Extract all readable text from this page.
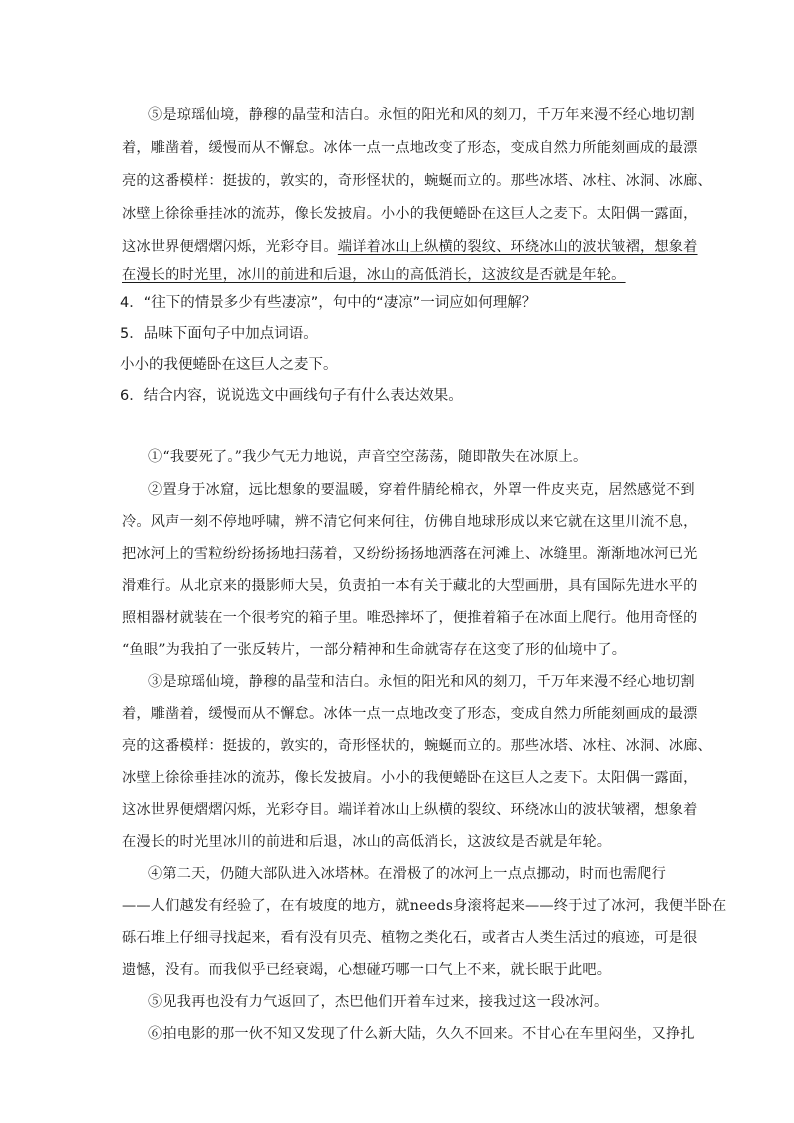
⑤是琼瑶仙境，静穆的晶莹和洁白。永恒的阳光和风的刻刀，千万年来漫不经心地切割
着，雕凿着，缓慢而从不懈怠。冰体一点一点地改变了形态，变成自然力所能刻画成的最漂
亮的这番模样：挺拔的，敦实的，奇形怪状的，蜿蜒而立的。那些冰塔、冰柱、冰洞、冰廊、
冰壁上徐徐垂挂冰的流苏，像长发披肩。小小的我便蜷卧在这巨人之麦下。太阳偶一露面，
这冰世界便熠熠闪烁，光彩夺目。端详着冰山上纵横的裂纹、环绕冰山的波状皱褶，想象着
在漫长的时光里，冰川的前进和后退，冰山的高低消长，这波纹是否就是年轮。
4．“往下的情景多少有些凄凉”，句中的“凄凉”一词应如何理解？
5．品味下面句子中加点词语。
小小的我便蜷卧在这巨人之麦下。
6．结合内容，说说选文中画线句子有什么表达效果。
①“我要死了。”我少气无力地说，声音空空荡荡，随即散失在冰原上。
②置身于冰窟，远比想象的要温暖，穿着件腈纶棉衣，外罩一件皮夹克，居然感觉不到
冷。风声一刻不停地呼啸，辨不清它何来何往，仿佛自地球形成以来它就在这里川流不息，
把冰河上的雪粒纷纷扬扬地扫荡着，又纷纷扬扬地洒落在河滩上、冰缝里。渐渐地冰河已光
滑难行。从北京来的摄影师大吴，负责拍一本有关于藏北的大型画册，具有国际先进水平的
照相器材就装在一个很考究的箱子里。唯恐摔坏了，便推着箱子在冰面上爬行。他用奇怪的
“鱼眼”为我拍了一张反转片，一部分精神和生命就寄存在这变了形的仙境中了。
③是琼瑶仙境，静穆的晶莹和洁白。永恒的阳光和风的刻刀，千万年来漫不经心地切割
着，雕凿着，缓慢而从不懈怠。冰体一点一点地改变了形态，变成自然力所能刻画成的最漂
亮的这番模样：挺拔的，敦实的，奇形怪状的，蜿蜒而立的。那些冰塔、冰柱、冰洞、冰廊、
冰壁上徐徐垂挂冰的流苏，像长发披肩。小小的我便蜷卧在这巨人之麦下。太阳偶一露面，
这冰世界便熠熠闪烁，光彩夺目。端详着冰山上纵横的裂纹、环绕冰山的波状皱褶，想象着
在漫长的时光里冰川的前进和后退，冰山的高低消长，这波纹是否就是年轮。
④第二天，仍随大部队进入冰塔林。在滑极了的冰河上一点点挪动，时而也需爬行
——人们越发有经验了，在有坡度的地方，就needs身滚将起来——终于过了冰河，我便半卧在
砾石堆上仔细寻找起来，看有没有贝壳、植物之类化石，或者古人类生活过的痕迹，可是很
遗憾，没有。而我似乎已经衰竭，心想碰巧哪一口气上不来，就长眠于此吧。
⑤见我再也没有力气返回了，杰巴他们开着车过来，接我过这一段冰河。
⑥拍电影的那一伙不知又发现了什么新大陆，久久不回来。不甘心在车里闷坐，又挣扎
